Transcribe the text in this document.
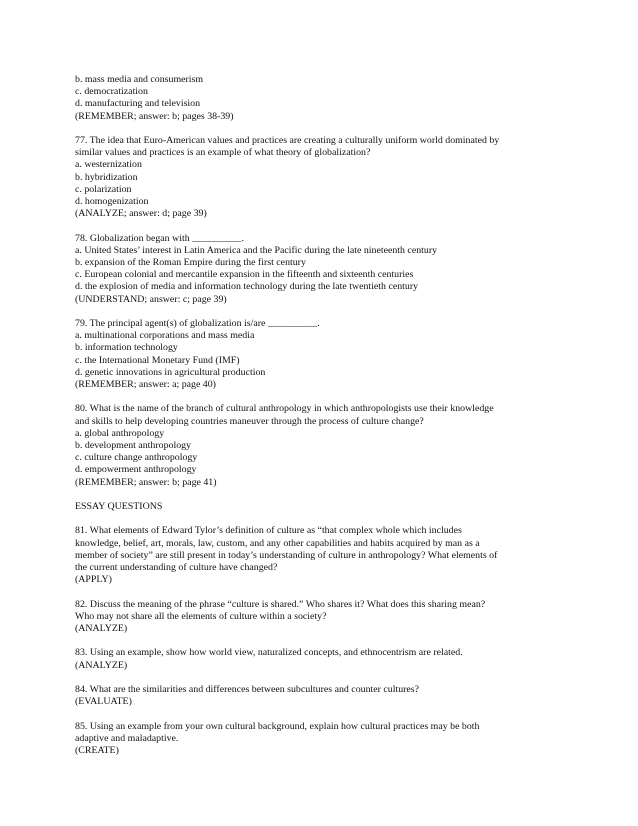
b. mass media and consumerism
c. democratization
d. manufacturing and television
(REMEMBER; answer: b; pages 38-39)
77. The idea that Euro-American values and practices are creating a culturally uniform world dominated by
similar values and practices is an example of what theory of globalization?
a. westernization
b. hybridization
c. polarization
d. homogenization
(ANALYZE; answer: d; page 39)
78. Globalization began with __________.
a. United States’ interest in Latin America and the Pacific during the late nineteenth century
b. expansion of the Roman Empire during the first century
c. European colonial and mercantile expansion in the fifteenth and sixteenth centuries
d. the explosion of media and information technology during the late twentieth century
(UNDERSTAND; answer: c; page 39)
79. The principal agent(s) of globalization is/are __________.
a. multinational corporations and mass media
b. information technology
c. the International Monetary Fund (IMF)
d. genetic innovations in agricultural production
(REMEMBER; answer: a; page 40)
80. What is the name of the branch of cultural anthropology in which anthropologists use their knowledge
and skills to help developing countries maneuver through the process of culture change?
a. global anthropology
b. development anthropology
c. culture change anthropology
d. empowerment anthropology
(REMEMBER; answer: b; page 41)
ESSAY QUESTIONS
81. What elements of Edward Tylor’s definition of culture as “that complex whole which includes
knowledge, belief, art, morals, law, custom, and any other capabilities and habits acquired by man as a
member of society” are still present in today’s understanding of culture in anthropology? What elements of
the current understanding of culture have changed?
(APPLY)
82. Discuss the meaning of the phrase “culture is shared.” Who shares it? What does this sharing mean?
Who may not share all the elements of culture within a society?
(ANALYZE)
83. Using an example, show how world view, naturalized concepts, and ethnocentrism are related.
(ANALYZE)
84. What are the similarities and differences between subcultures and counter cultures?
(EVALUATE)
85. Using an example from your own cultural background, explain how cultural practices may be both
adaptive and maladaptive.
(CREATE)
